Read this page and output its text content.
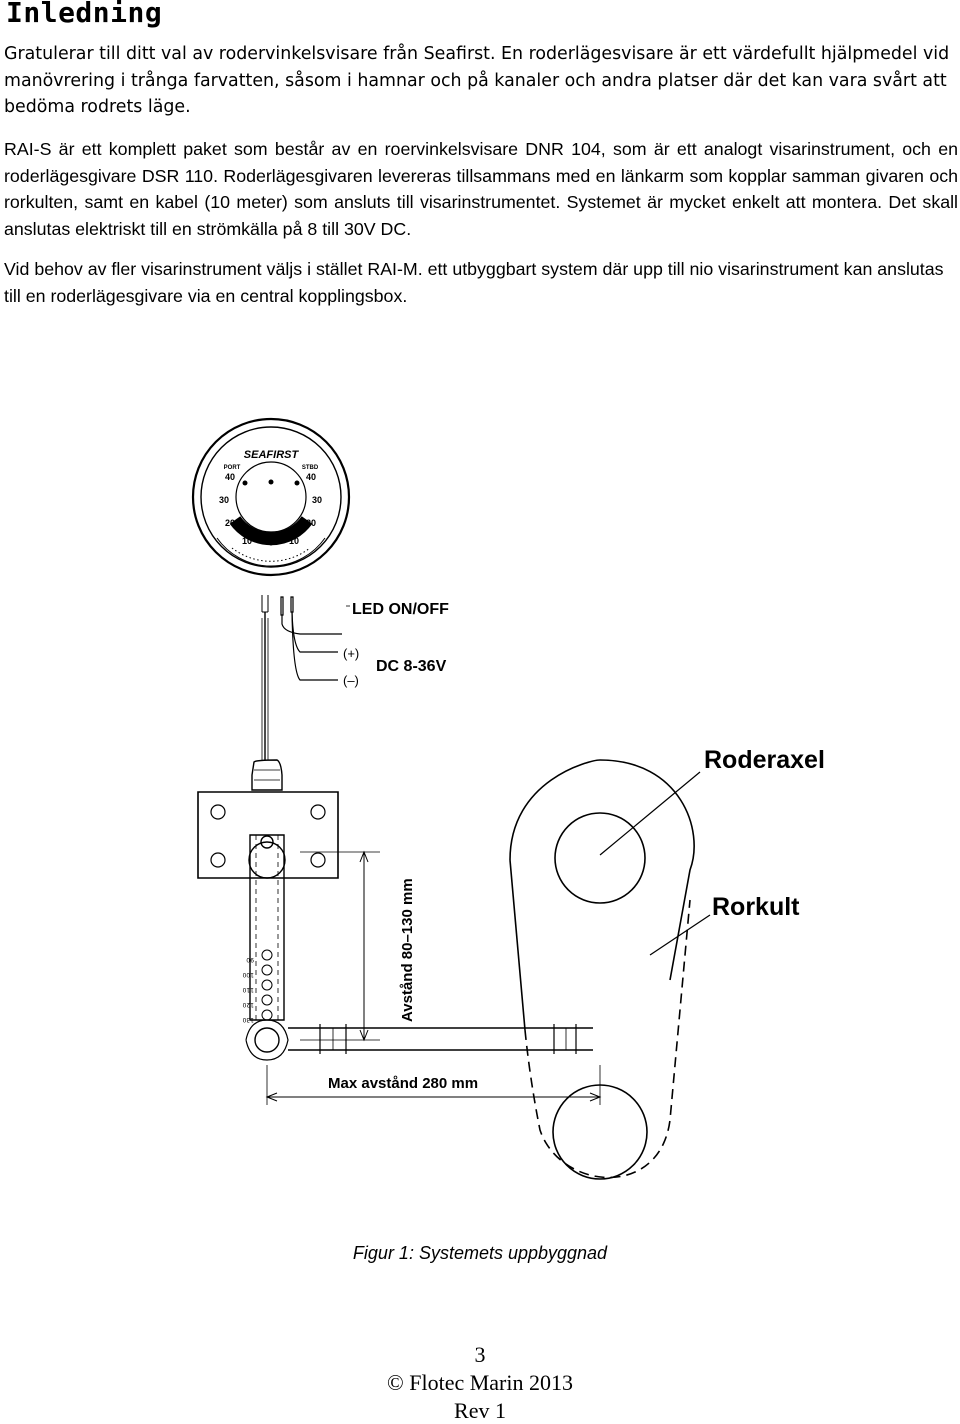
Inledning

Gratulerar till ditt val av rodervinkelsvisare från Seafirst. En roderlägesvisare är ett värdefullt hjälpmedel vid manövrering i trånga farvatten, såsom i hamnar och på kanaler och andra platser där det kan vara svårt att bedöma rodrets läge.

RAI-S är ett komplett paket som består av en roervinkelsvisare DNR 104, som är ett analogt visarinstrument, och en roderlägesgivare DSR 110. Roderlägesgivaren levereras tillsammans med en länkarm som kopplar samman givaren och rorkulten, samt en kabel (10 meter) som ansluts till visarinstrumentet. Systemet är mycket enkelt att montera. Det skall anslutas elektriskt till en strömkälla på 8 till 30V DC.

Vid behov av fler visarinstrument väljs i stället RAI-M. ett utbyggbart system där upp till nio visarinstrument kan anslutas till en roderlägesgivare via en central kopplingsbox.

SEAFIRST
PORT	STBD
40
30
20
10	10
20
30
40
LED ON/OFF
(+)
(–)
DC 8-36V
Roderaxel
Rorkult
Avstånd 80–130 mm
Max avstånd 280 mm
90
100
110
120
130
Figur 1: Systemets uppbyggnad
3
© Flotec Marin 2013
Rev 1
